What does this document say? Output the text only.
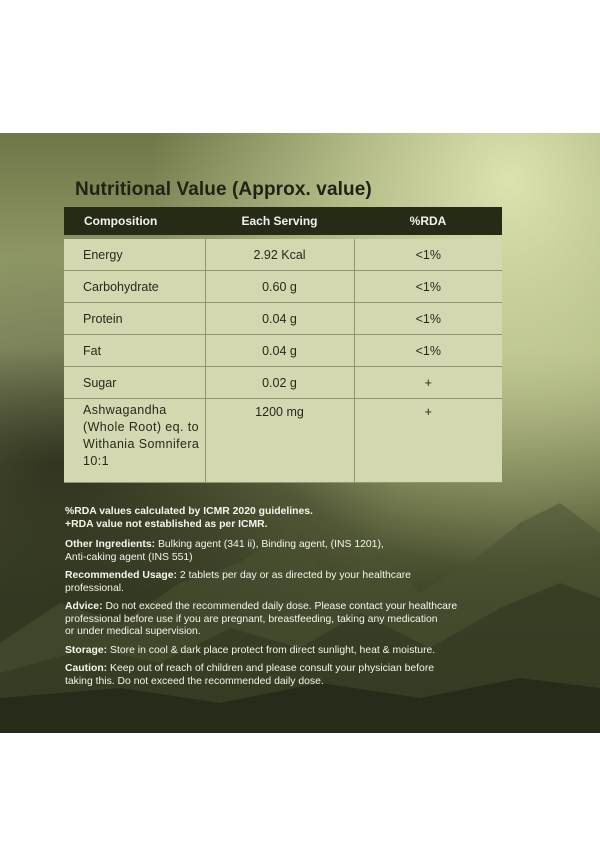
Nutritional Value (Approx. value)
Composition	Each Serving	%RDA

Energy	2.92 Kcal	<1%
Carbohydrate	0.60 g	<1%
Protein	0.04 g	<1%
Fat	0.04 g	<1%
Sugar	0.02 g	+

Ashwagandha
(Whole Root) eq. to
Withania Somnifera
10:1	1200 mg	+

%RDA values calculated by ICMR 2020 guidelines.

+RDA value not established as per ICMR.

Other Ingredients: Bulking agent (341 ii), Binding agent, (INS 1201),
Anti-caking agent (INS 551)

Recommended Usage: 2 tablets per day or as directed by your healthcare
professional.

Advice: Do not exceed the recommended daily dose. Please contact your healthcare
professional before use if you are pregnant, breastfeeding, taking any medication
or under medical supervision.

Storage: Store in cool & dark place protect from direct sunlight, heat & moisture.

Caution: Keep out of reach of children and please consult your physician before
taking this. Do not exceed the recommended daily dose.
